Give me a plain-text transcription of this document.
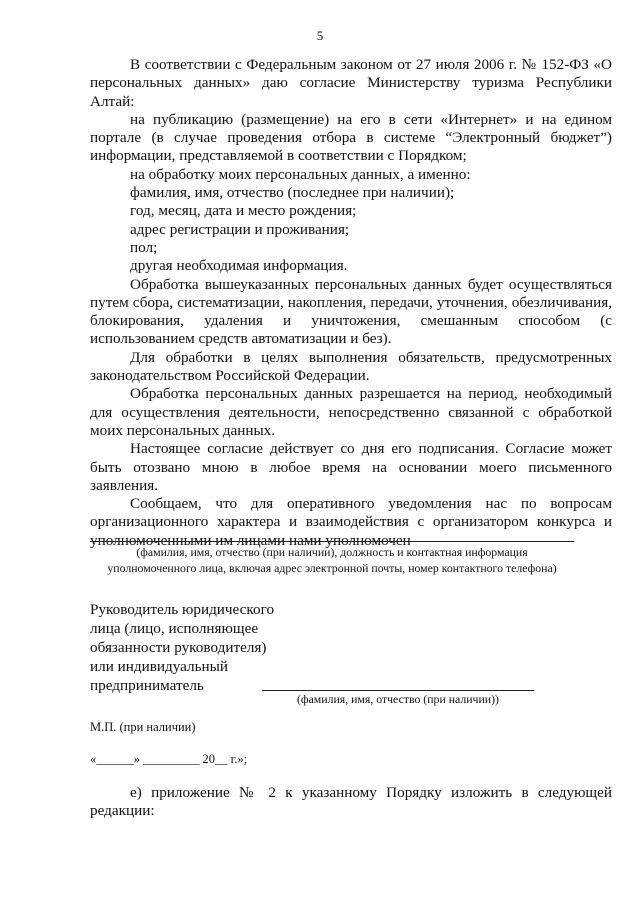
5

В соответствии с Федеральным законом от 27 июля 2006 г. № 152-ФЗ «О персональных данных» даю согласие Министерству туризма Республики Алтай:

на публикацию (размещение) на его в сети «Интернет» и на едином портале (в случае проведения отбора в системе “Электронный бюджет”) информации, представляемой в соответствии с Порядком;

на обработку моих персональных данных, а именно:

фамилия, имя, отчество (последнее при наличии);

год, месяц, дата и место рождения;

адрес регистрации и проживания;

пол;

другая необходимая информация.

Обработка вышеуказанных персональных данных будет осуществляться путем сбора, систематизации, накопления, передачи, уточнения, обезличивания, блокирования, удаления и уничтожения, смешанным способом (с использованием средств автоматизации и без).

Для обработки в целях выполнения обязательств, предусмотренных законодательством Российской Федерации.

Обработка персональных данных разрешается на период, необходимый для осуществления деятельности, непосредственно связанной с обработкой моих персональных данных.

Настоящее согласие действует со дня его подписания. Согласие может быть отозвано мною в любое время на основании моего письменного заявления.

Сообщаем, что для оперативного уведомления нас по вопросам организационного характера и взаимодействия с организатором конкурса и уполномоченными им лицами нами уполномочен

(фамилия, имя, отчество (при наличии), должность и контактная информация уполномоченного лица, включая адрес электронной почты, номер контактного телефона)
Руководитель юридического
лица (лицо, исполняющее
обязанности руководителя)
или индивидуальный
предприниматель
(фамилия, имя, отчество (при наличии))
М.П. (при наличии)
«______» _________ 20__ г.»;

е) приложение № 2 к указанному Порядку изложить в следующей редакции:
